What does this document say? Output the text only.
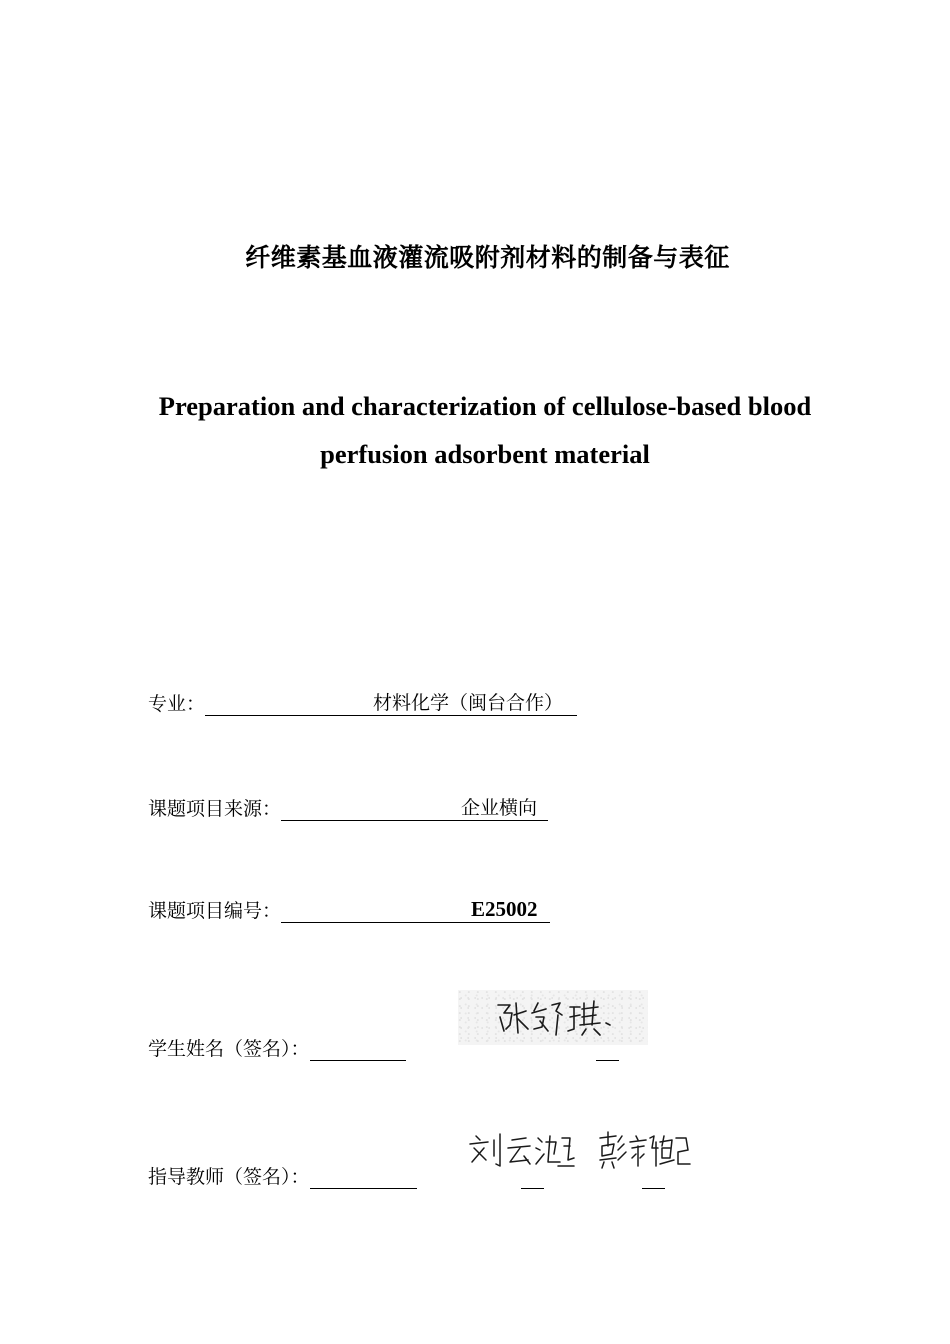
纤维素基血液灌流吸附剂材料的制备与表征
Preparation and characterization of cellulose-based blood
perfusion adsorbent material
专业：	材料化学（闽台合作）
课题项目来源：	企业横向
课题项目编号：	E25002
学生姓名（签名）：
指导教师（签名）：
